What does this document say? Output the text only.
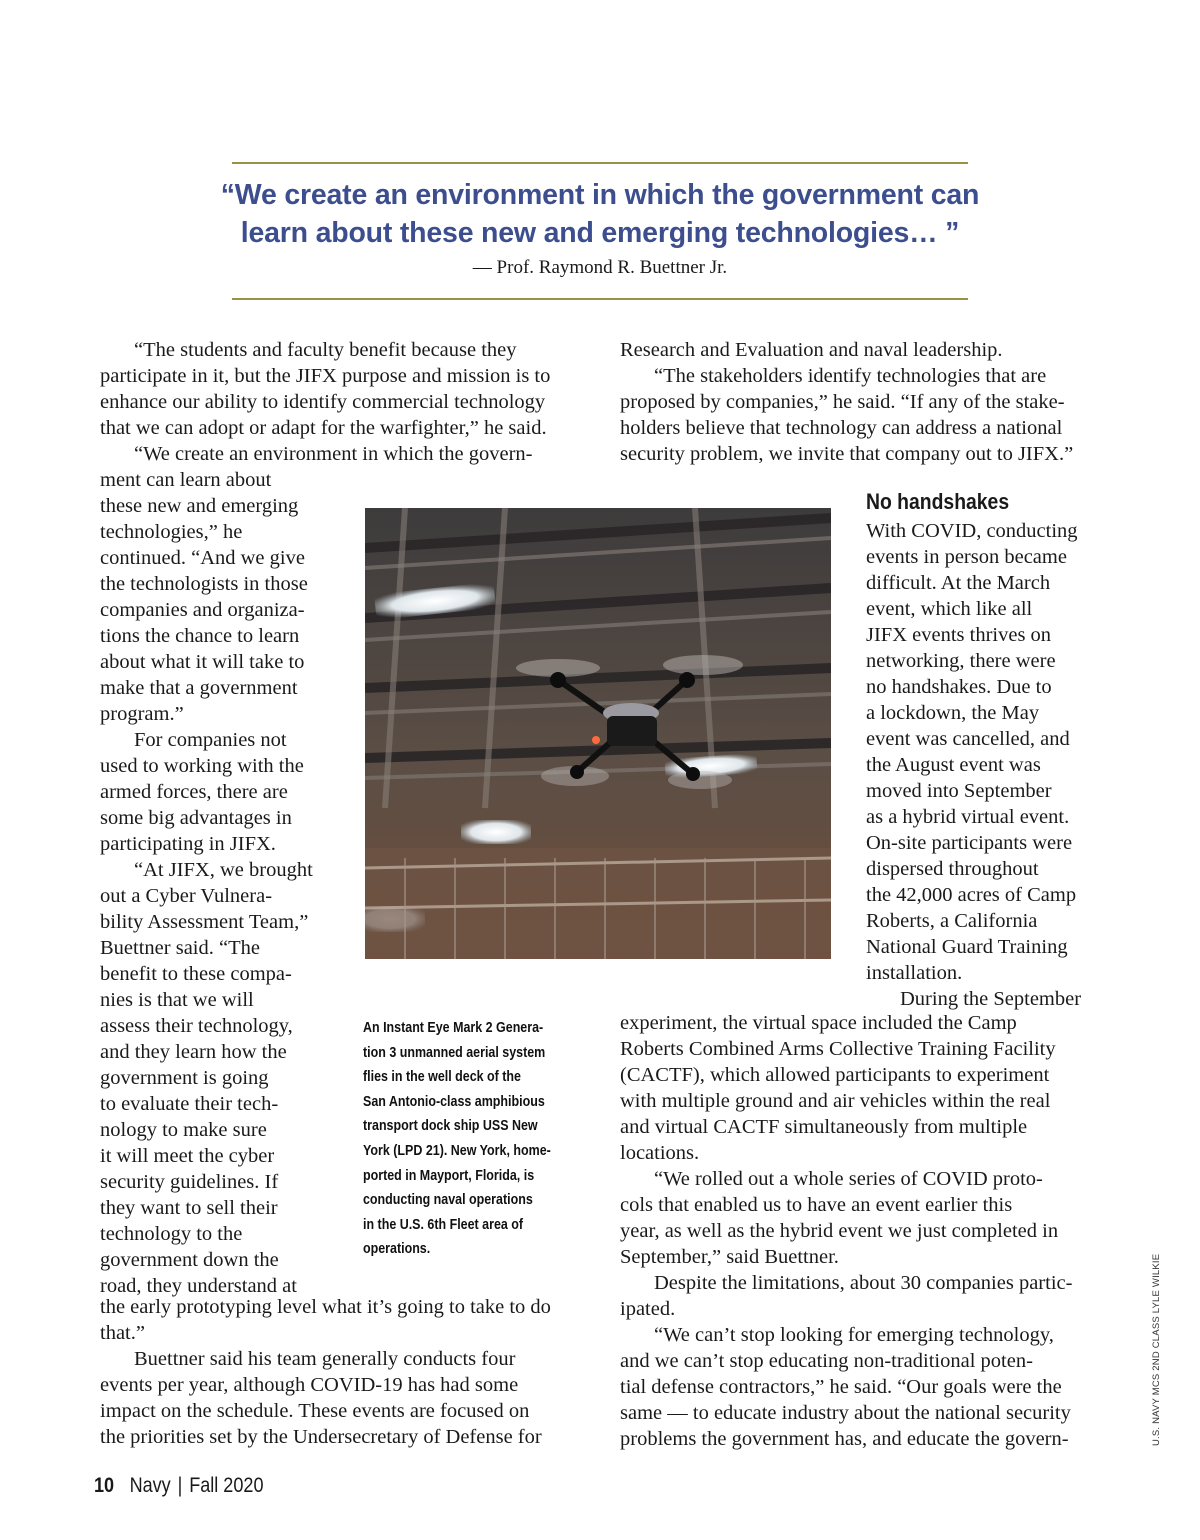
“We create an environment in which the government can
learn about these new and emerging technologies… ”
— Prof. Raymond R. Buettner Jr.
“The students and faculty benefit because they
participate in it, but the JIFX purpose and mission is to
enhance our ability to identify commercial technology
that we can adopt or adapt for the warfighter,” he said.
“We create an environment in which the govern-
ment can learn about
these new and emerging
technologies,” he
continued. “And we give
the technologists in those
companies and organiza-
tions the chance to learn
about what it will take to
make that a government
program.”
For companies not
used to working with the
armed forces, there are
some big advantages in
participating in JIFX.
“At JIFX, we brought
out a Cyber Vulnera-
bility Assessment Team,”
Buettner said. “The
benefit to these compa-
nies is that we will
assess their technology,
and they learn how the
government is going
to evaluate their tech-
nology to make sure
it will meet the cyber
security guidelines. If
they want to sell their
technology to the
government down the
road, they understand at
the early prototyping level what it’s going to take to do
that.”
Buettner said his team generally conducts four
events per year, although COVID-19 has had some
impact on the schedule. These events are focused on
the priorities set by the Undersecretary of Defense for
Research and Evaluation and naval leadership.
“The stakeholders identify technologies that are
proposed by companies,” he said. “If any of the stake-
holders believe that technology can address a national
security problem, we invite that company out to JIFX.”
No handshakes
With COVID, conducting
events in person became
difficult. At the March
event, which like all
JIFX events thrives on
networking, there were
no handshakes. Due to
a lockdown, the May
event was cancelled, and
the August event was
moved into September
as a hybrid virtual event.
On-site participants were
dispersed throughout
the 42,000 acres of Camp
Roberts, a California
National Guard Training
installation.
During the September
experiment, the virtual space included the Camp
Roberts Combined Arms Collective Training Facility
(CACTF), which allowed participants to experiment
with multiple ground and air vehicles within the real
and virtual CACTF simultaneously from multiple
locations.
“We rolled out a whole series of COVID proto-
cols that enabled us to have an event earlier this
year, as well as the hybrid event we just completed in
September,” said Buettner.
Despite the limitations, about 30 companies partic-
ipated.
“We can’t stop looking for emerging technology,
and we can’t stop educating non-traditional poten-
tial defense contractors,” he said. “Our goals were the
same — to educate industry about the national security
problems the government has, and educate the govern-
An Instant Eye Mark 2 Genera-
tion 3 unmanned aerial system
flies in the well deck of the
San Antonio-class amphibious
transport dock ship USS New
York (LPD 21). New York, home-
ported in Mayport, Florida, is
conducting naval operations
in the U.S. 6th Fleet area of
operations.
U.S. NAVY MCS 2ND CLASS LYLE WILKIE
10 Navy | Fall 2020
